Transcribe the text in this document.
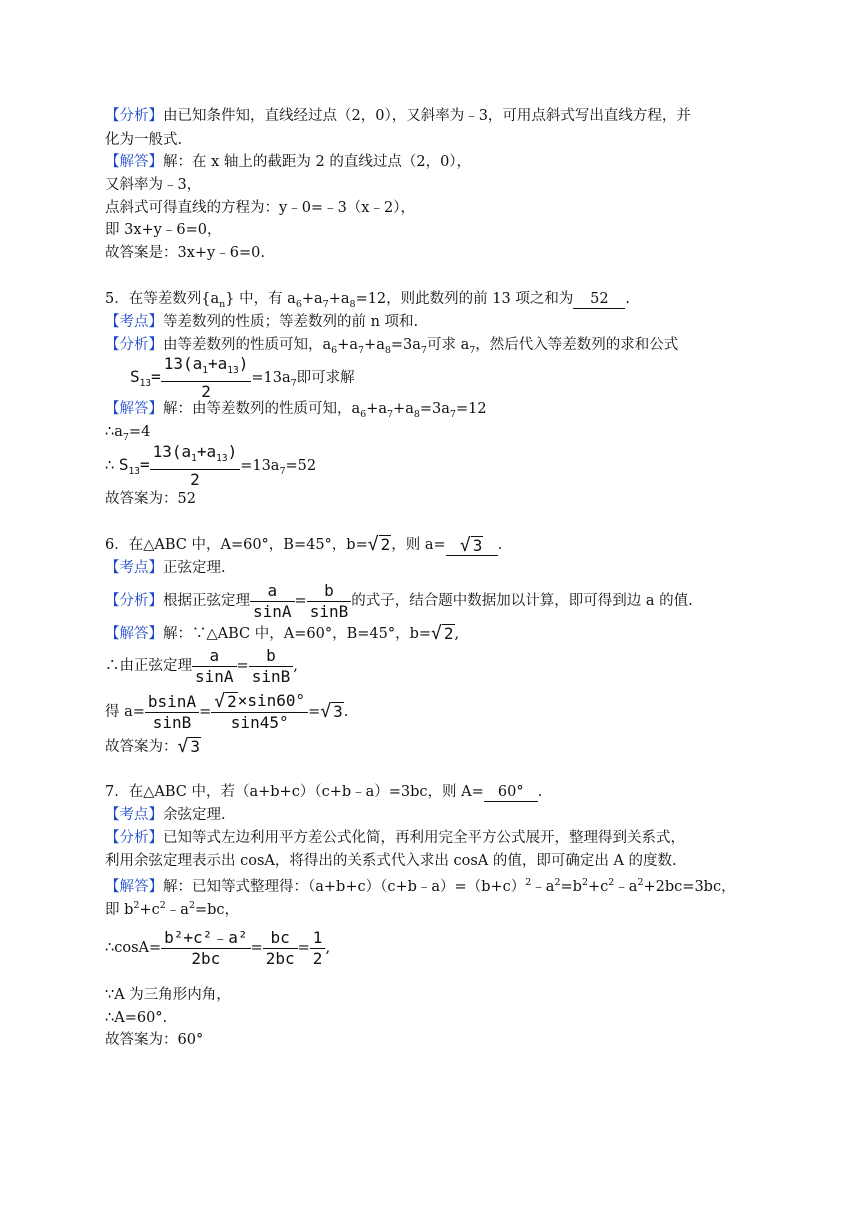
【分析】由已知条件知，直线经过点（2，0），又斜率为﹣3，可用点斜式写出直线方程，并
化为一般式.
【解答】解：在 x 轴上的截距为 2 的直线过点（2，0），
又斜率为﹣3，
点斜式可得直线的方程为：y﹣0=﹣3（x﹣2），
即 3x+y﹣6=0，
故答案是：3x+y﹣6=0.
5．在等差数列$\{a_n\}$ 中，有 $a_6+a_7+a_8=12$，则此数列的前 13 项之和为 52 .
【考点】等差数列的性质；等差数列的前 n 项和.
【分析】由等差数列的性质可知，$a_6+a_7+a_8=3a_7$可求 $a_7$，然后代入等差数列的求和公式
$S_{13}= \frac{13(a_1+a_{13})}{2} =13a_7$即可求解
【解答】解：由等差数列的性质可知，$a_6+a_7+a_8=3a_7=12$
$\therefore a_7=4$
∴ $S_{13}= \frac{13(a_1+a_{13})}{2} =13a_7=52$
故答案为：52
6．在△ABC 中，A=60°，B=45°，b=√ 2，则 a= √ 3 .
【考点】正弦定理.
【分析】根据正弦定理 $\frac{a}{\sin A} = \frac{b}{\sin B}$ 的式子，结合题中数据加以计算，即可得到边 a 的值.
【解答】解：∵△ABC 中，A=60°，B=45°，b=√ 2,
∴由正弦定理 $\frac{a}{\sin A} = \frac{b}{\sin B}$ ,
得 $a= \frac{bsinA}{\sin B} = \frac{√ 2\times\sin 60^\circ}{\sin 45^\circ}$ =√ 3.
故答案为：√ 3
7．在△ABC 中，若（a+b+c）（c+b﹣a）=3bc，则 A= 60° .
【考点】余弦定理.
【分析】已知等式左边利用平方差公式化简，再利用完全平方公式展开，整理得到关系式，
利用余弦定理表示出 cosA，将得出的关系式代入求出 cosA 的值，即可确定出 A 的度数.
【解答】解：已知等式整理得：$(a+b+c)(c+b﹣a)=(b+c)^2﹣a^2=b^2+c^2﹣a^2+2bc=3bc$，
即 $b^2+c^2﹣a^2=bc$，
∴cosA= $\frac{\text{b²+c²﹣a²}}{2bc} = \frac{bc}{2bc} = \frac{1}{2}$ ,
∵A 为三角形内角，
∴A=60°.
故答案为：60°
